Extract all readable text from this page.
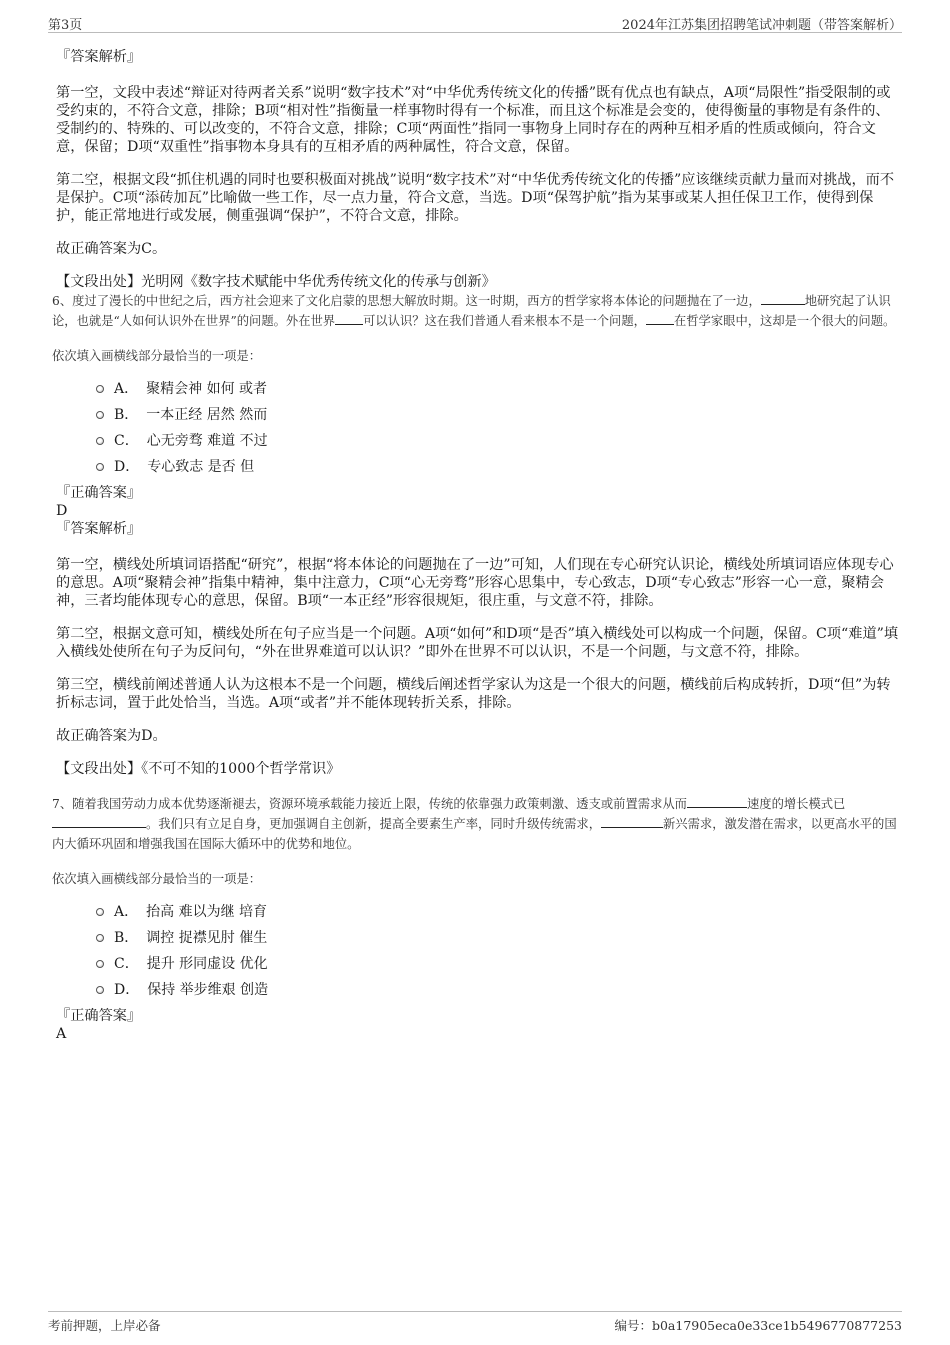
第3页	2024年江苏集团招聘笔试冲刺题（带答案解析）

『答案解析』

第一空，文段中表述“辩证对待两者关系”说明“数字技术”对“中华优秀传统文化的传播”既有优点也有缺点，A项“局限性”指受限制的或受约束的，不符合文意，排除；B项“相对性”指衡量一样事物时得有一个标准，而且这个标准是会变的，使得衡量的事物是有条件的、受制约的、特殊的、可以改变的，不符合文意，排除；C项“两面性”指同一事物身上同时存在的两种互相矛盾的性质或倾向，符合文意，保留；D项“双重性”指事物本身具有的互相矛盾的两种属性，符合文意，保留。

第二空，根据文段“抓住机遇的同时也要积极面对挑战”说明“数字技术”对“中华优秀传统文化的传播”应该继续贡献力量而对挑战，而不是保护。C项“添砖加瓦”比喻做一些工作，尽一点力量，符合文意，当选。D项“保驾护航”指为某事或某人担任保卫工作，使得到保护，能正常地进行或发展，侧重强调“保护”，不符合文意，排除。

故正确答案为C。

【文段出处】光明网《数字技术赋能中华优秀传统文化的传承与创新》

6、度过了漫长的中世纪之后，西方社会迎来了文化启蒙的思想大解放时期。这一时期，西方的哲学家将本体论的问题抛在了一边，	地研究起了认识论，也就是“人如何认识外在世界”的问题。外在世界 可以认识？这在我们普通人看来根本不是一个问题， 在哲学家眼中，这却是一个很大的问题。

依次填入画横线部分最恰当的一项是：

A． 聚精会神 如何 或者
B． 一本正经 居然 然而
C． 心无旁骛 难道 不过
D． 专心致志 是否 但

『正确答案』

D

『答案解析』

第一空，横线处所填词语搭配“研究”，根据“将本体论的问题抛在了一边”可知，人们现在专心研究认识论，横线处所填词语应体现专心的意思。A项“聚精会神”指集中精神，集中注意力，C项“心无旁骛”形容心思集中，专心致志，D项“专心致志”形容一心一意，聚精会神，三者均能体现专心的意思，保留。B项“一本正经”形容很规矩，很庄重，与文意不符，排除。

第二空，根据文意可知，横线处所在句子应当是一个问题。A项“如何”和D项“是否”填入横线处可以构成一个问题，保留。C项“难道”填入横线处使所在句子为反问句，“外在世界难道可以认识？”即外在世界不可以认识，不是一个问题，与文意不符，排除。

第三空，横线前阐述普通人认为这根本不是一个问题，横线后阐述哲学家认为这是一个很大的问题，横线前后构成转折，D项“但”为转折标志词，置于此处恰当，当选。A项“或者”并不能体现转折关系，排除。

故正确答案为D。

【文段出处】《不可不知的1000个哲学常识》

7、随着我国劳动力成本优势逐渐褪去，资源环境承载能力接近上限，传统的依靠强力政策刺激、透支或前置需求从而	速度的增长模式已。我们只有立足自身，更加强调自主创新，提高全要素生产率，同时升级传统需求，	新兴需求，激发潜在需求，以更高水平的国内大循环巩固和增强我国在国际大循环中的优势和地位。

依次填入画横线部分最恰当的一项是：

A． 抬高 难以为继 培育
B． 调控 捉襟见肘 催生
C． 提升 形同虚设 优化
D． 保持 举步维艰 创造

『正确答案』

A

考前押题，上岸必备	编号：b0a17905eca0e33ce1b5496770877253
